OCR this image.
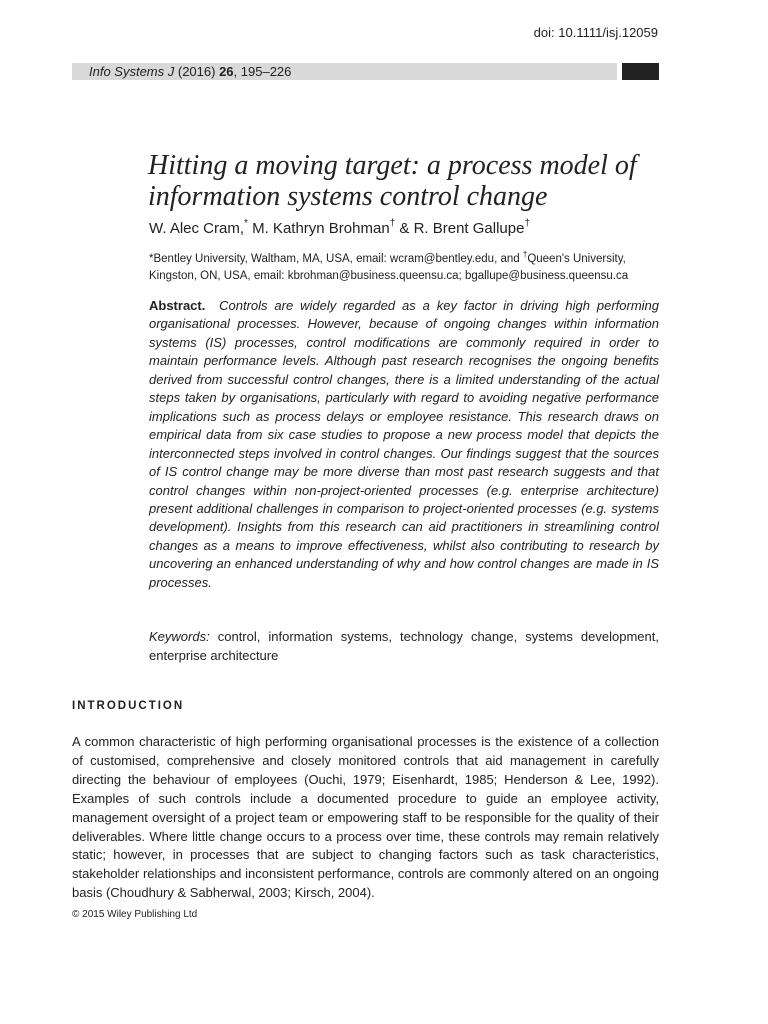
doi: 10.1111/isj.12059
Info Systems J (2016) 26, 195–226
Hitting a moving target: a process model of information systems control change
W. Alec Cram,* M. Kathryn Brohman† & R. Brent Gallupe†
*Bentley University, Waltham, MA, USA, email: wcram@bentley.edu, and †Queen's University, Kingston, ON, USA, email: kbrohman@business.queensu.ca; bgallupe@business.queensu.ca

Abstract. Controls are widely regarded as a key factor in driving high performing organisational processes. However, because of ongoing changes within information systems (IS) processes, control modifications are commonly required in order to maintain performance levels. Although past research recognises the ongoing benefits derived from successful control changes, there is a limited understanding of the actual steps taken by organisations, particularly with regard to avoiding negative performance implications such as process delays or employee resistance. This research draws on empirical data from six case studies to propose a new process model that depicts the interconnected steps involved in control changes. Our findings suggest that the sources of IS control change may be more diverse than most past research suggests and that control changes within non-project-oriented processes (e.g. enterprise architecture) present additional challenges in comparison to project-oriented processes (e.g. systems development). Insights from this research can aid practitioners in streamlining control changes as a means to improve effectiveness, whilst also contributing to research by uncovering an enhanced understanding of why and how control changes are made in IS processes.

Keywords: control, information systems, technology change, systems development, enterprise architecture

INTRODUCTION

A common characteristic of high performing organisational processes is the existence of a collection of customised, comprehensive and closely monitored controls that aid management in carefully directing the behaviour of employees (Ouchi, 1979; Eisenhardt, 1985; Henderson & Lee, 1992). Examples of such controls include a documented procedure to guide an employee activity, management oversight of a project team or empowering staff to be responsible for the quality of their deliverables. Where little change occurs to a process over time, these controls may remain relatively static; however, in processes that are subject to changing factors such as task characteristics, stakeholder relationships and inconsistent performance, controls are commonly altered on an ongoing basis (Choudhury & Sabherwal, 2003; Kirsch, 2004).

© 2015 Wiley Publishing Ltd
